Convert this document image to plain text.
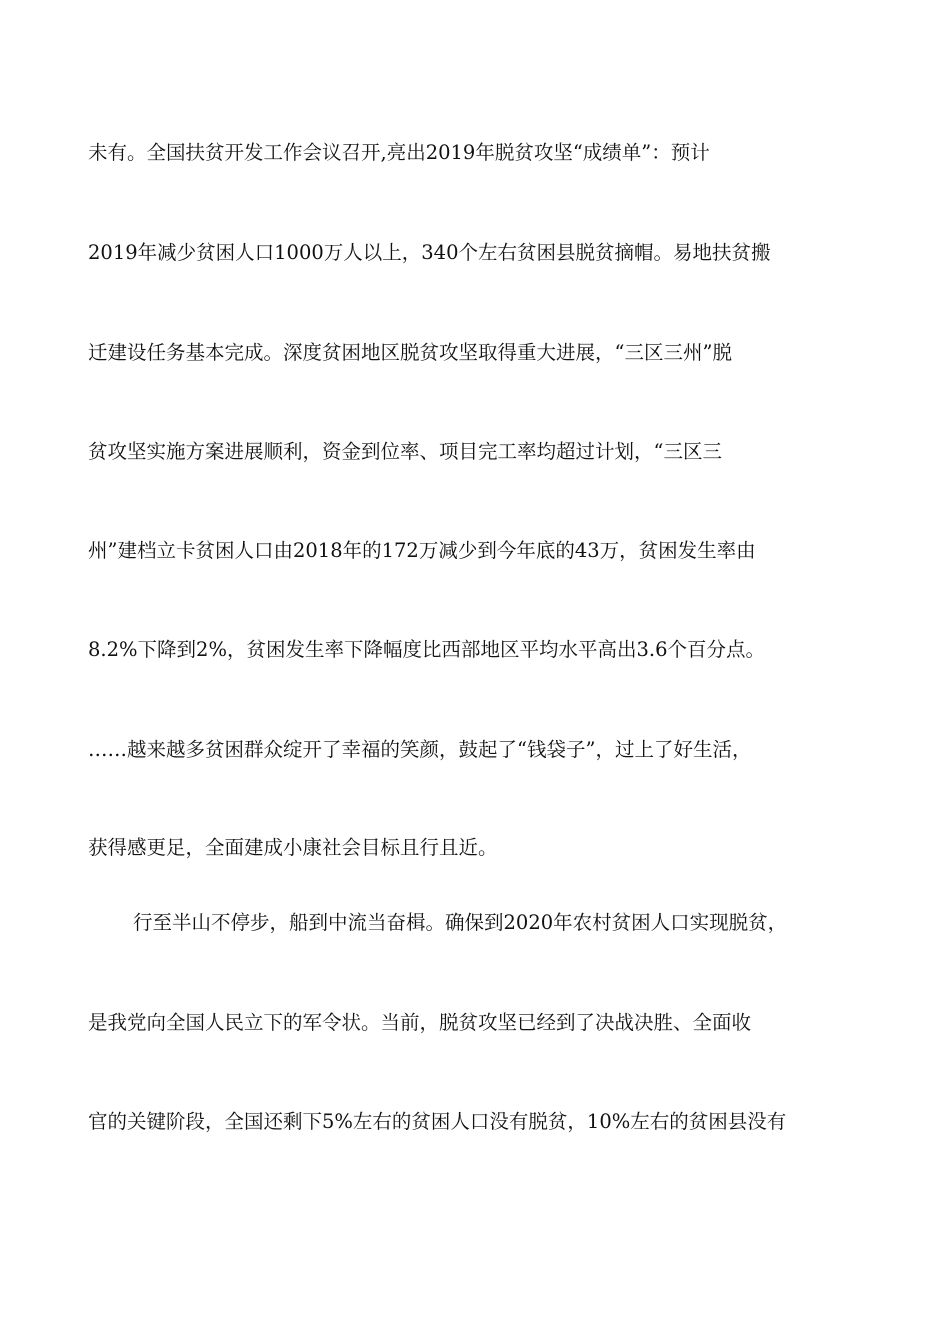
未有。全国扶贫开发工作会议召开,亮出2019年脱贫攻坚“成绩单”：预计
2019年减少贫困人口1000万人以上，340个左右贫困县脱贫摘帽。易地扶贫搬
迁建设任务基本完成。深度贫困地区脱贫攻坚取得重大进展，“三区三州”脱
贫攻坚实施方案进展顺利，资金到位率、项目完工率均超过计划，“三区三
州”建档立卡贫困人口由2018年的172万减少到今年底的43万，贫困发生率由
8.2%下降到2%，贫困发生率下降幅度比西部地区平均水平高出3.6个百分点。
……越来越多贫困群众绽开了幸福的笑颜，鼓起了“钱袋子”，过上了好生活，
获得感更足，全面建成小康社会目标且行且近。
行至半山不停步，船到中流当奋楫。确保到2020年农村贫困人口实现脱贫，
是我党向全国人民立下的军令状。当前，脱贫攻坚已经到了决战决胜、全面收
官的关键阶段，全国还剩下5%左右的贫困人口没有脱贫，10%左右的贫困县没有
